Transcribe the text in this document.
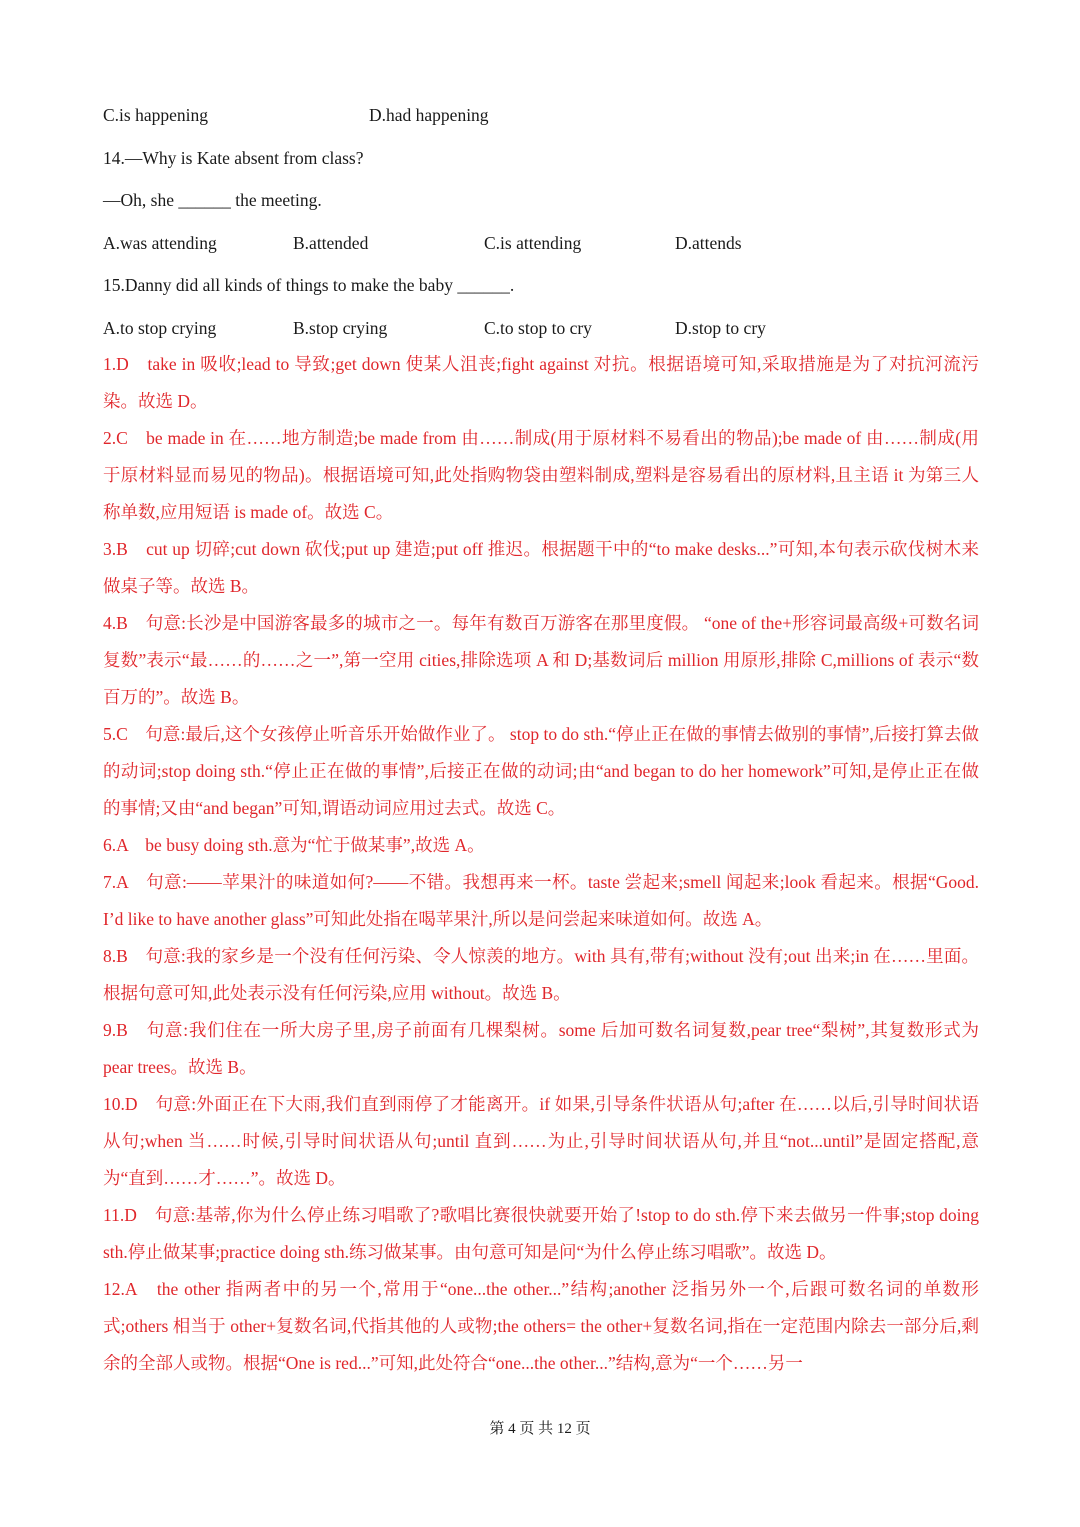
C.is happening	D.had happening
14.—Why is Kate absent from class?
—Oh, she ______ the meeting.
A.was attending	B.attended	C.is attending	D.attends
15.Danny did all kinds of things to make the baby ______.
A.to stop crying	B.stop crying	C.to stop to cry	D.stop to cry

1.D　take in 吸收;lead to 导致;get down 使某人沮丧;fight against 对抗。根据语境可知,采取措施是为了对抗河流污染。故选 D。

2.C　be made in 在……地方制造;be made from 由……制成(用于原材料不易看出的物品);be made of 由……制成(用于原材料显而易见的物品)。根据语境可知,此处指购物袋由塑料制成,塑料是容易看出的原材料,且主语 it 为第三人称单数,应用短语 is made of。故选 C。

3.B　cut up 切碎;cut down 砍伐;put up 建造;put off 推迟。根据题干中的“to make desks...”可知,本句表示砍伐树木来做桌子等。故选 B。

4.B　句意:长沙是中国游客最多的城市之一。每年有数百万游客在那里度假。 “one of the+形容词最高级+可数名词复数”表示“最……的……之一”,第一空用 cities,排除选项 A 和 D;基数词后 million 用原形,排除 C,millions of 表示“数百万的”。故选 B。

5.C　句意:最后,这个女孩停止听音乐开始做作业了。 stop to do sth.“停止正在做的事情去做别的事情”,后接打算去做的动词;stop doing sth.“停止正在做的事情”,后接正在做的动词;由“and began to do her homework”可知,是停止正在做的事情;又由“and began”可知,谓语动词应用过去式。故选 C。

6.A　be busy doing sth.意为“忙于做某事”,故选 A。

7.A　句意:——苹果汁的味道如何?——不错。我想再来一杯。taste 尝起来;smell 闻起来;look 看起来。根据“Good. I’d like to have another glass”可知此处指在喝苹果汁,所以是问尝起来味道如何。故选 A。

8.B　句意:我的家乡是一个没有任何污染、令人惊羡的地方。with 具有,带有;without 没有;out 出来;in 在……里面。根据句意可知,此处表示没有任何污染,应用 without。故选 B。

9.B　句意:我们住在一所大房子里,房子前面有几棵梨树。some 后加可数名词复数,pear tree“梨树”,其复数形式为 pear trees。故选 B。

10.D　句意:外面正在下大雨,我们直到雨停了才能离开。if 如果,引导条件状语从句;after 在……以后,引导时间状语从句;when 当……时候,引导时间状语从句;until 直到……为止,引导时间状语从句,并且“not...until”是固定搭配,意为“直到……才……”。故选 D。

11.D　句意:基蒂,你为什么停止练习唱歌了?歌唱比赛很快就要开始了!stop to do sth.停下来去做另一件事;stop doing sth.停止做某事;practice doing sth.练习做某事。由句意可知是问“为什么停止练习唱歌”。故选 D。

12.A　the other 指两者中的另一个,常用于“one...the other...”结构;another 泛指另外一个,后跟可数名词的单数形式;others 相当于 other+复数名词,代指其他的人或物;the others= the other+复数名词,指在一定范围内除去一部分后,剩余的全部人或物。根据“One is red...”可知,此处符合“one...the other...”结构,意为“一个……另一

第 4 页 共 12 页
